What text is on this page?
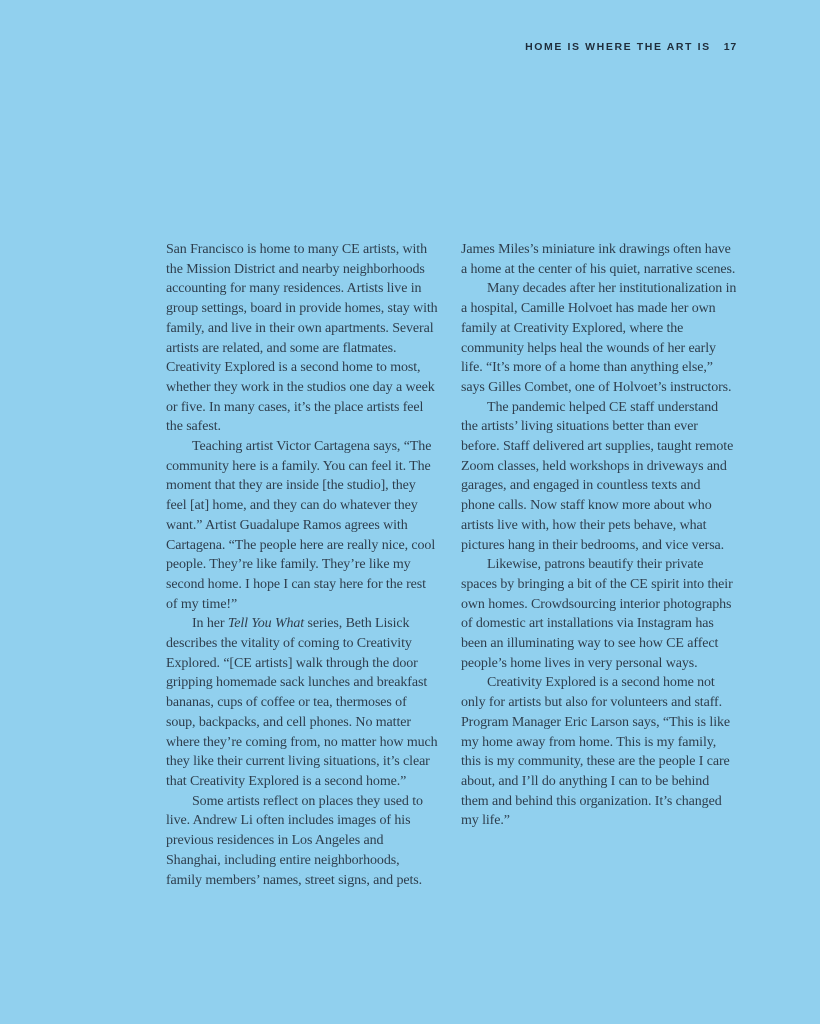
HOME IS WHERE THE ART IS 17

San Francisco is home to many CE artists, with the Mission District and nearby neighborhoods accounting for many residences. Artists live in group settings, board in provide homes, stay with family, and live in their own apartments. Several artists are related, and some are flatmates. Creativity Explored is a second home to most, whether they work in the studios one day a week or five. In many cases, it’s the place artists feel the safest.

Teaching artist Victor Cartagena says, “The community here is a family. You can feel it. The moment that they are inside [the studio], they feel [at] home, and they can do whatever they want.” Artist Guadalupe Ramos agrees with Cartagena. “The people here are really nice, cool people. They’re like family. They’re like my second home. I hope I can stay here for the rest of my time!”

In her Tell You What series, Beth Lisick describes the vitality of coming to Creativity Explored. “[CE artists] walk through the door gripping homemade sack lunches and breakfast bananas, cups of coffee or tea, thermoses of soup, backpacks, and cell phones. No matter where they’re coming from, no matter how much they like their current living situations, it’s clear that Creativity Explored is a second home.”

Some artists reflect on places they used to live. Andrew Li often includes images of his previous residences in Los Angeles and Shanghai, including entire neighborhoods, family members’ names, street signs, and pets.

James Miles’s miniature ink drawings often have a home at the center of his quiet, narrative scenes.

Many decades after her institutionalization in a hospital, Camille Holvoet has made her own family at Creativity Explored, where the community helps heal the wounds of her early life. “It’s more of a home than anything else,” says Gilles Combet, one of Holvoet’s instructors.

The pandemic helped CE staff understand the artists’ living situations better than ever before. Staff delivered art supplies, taught remote Zoom classes, held workshops in driveways and garages, and engaged in countless texts and phone calls. Now staff know more about who artists live with, how their pets behave, what pictures hang in their bedrooms, and vice versa.

Likewise, patrons beautify their private spaces by bringing a bit of the CE spirit into their own homes. Crowdsourcing interior photographs of domestic art installations via Instagram has been an illuminating way to see how CE affect people’s home lives in very personal ways.

Creativity Explored is a second home not only for artists but also for volunteers and staff. Program Manager Eric Larson says, “This is like my home away from home. This is my family, this is my community, these are the people I care about, and I’ll do anything I can to be behind them and behind this organization. It’s changed my life.”
